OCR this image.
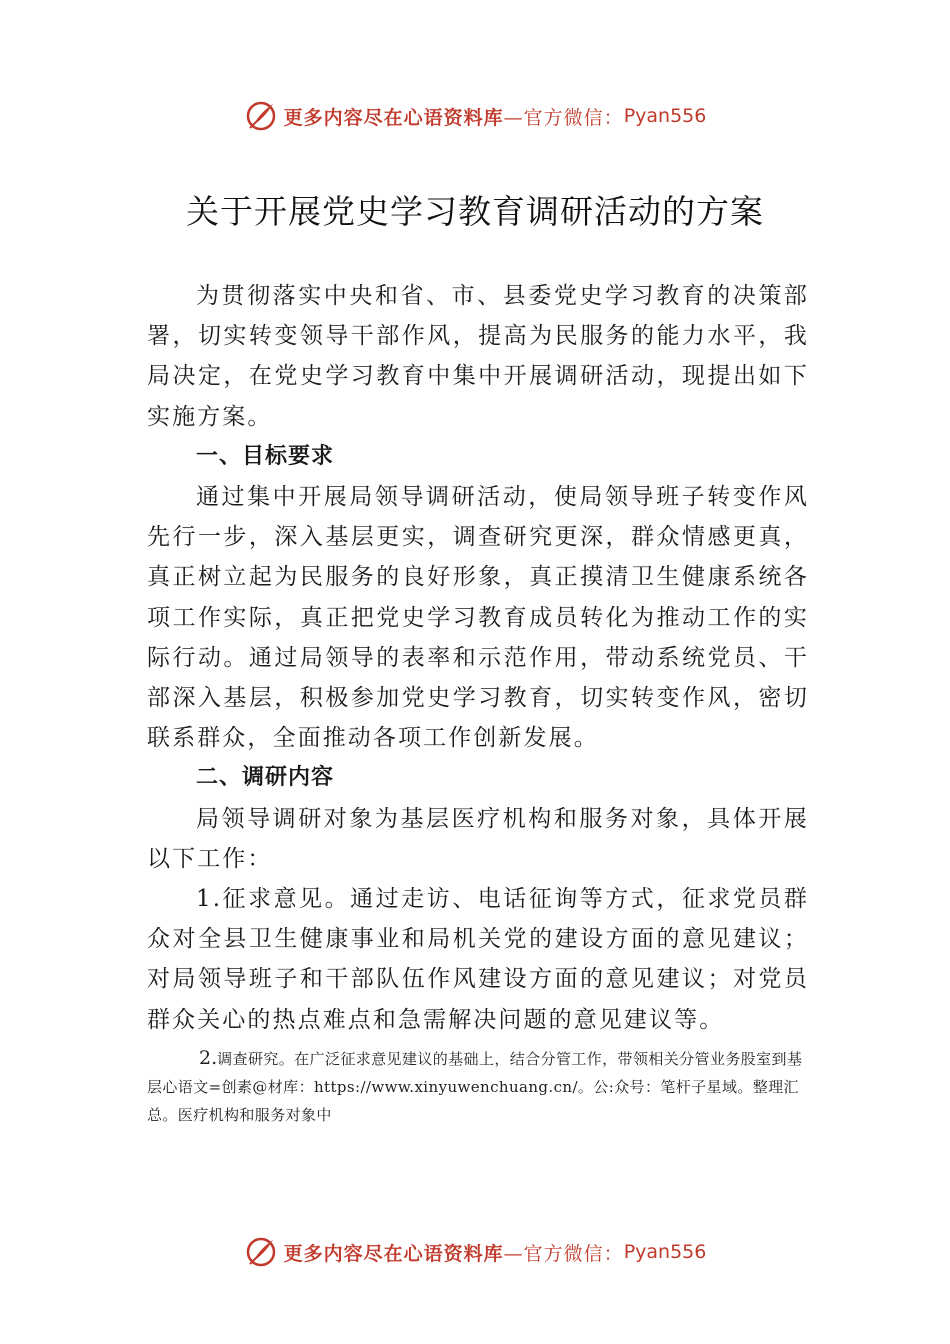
更多内容尽在心语资料库 —官方微信： Pyan556
关于开展党史学习教育调研活动的方案

为贯彻落实中央和省、市、县委党史学习教育的决策部署，切实转变领导干部作风，提高为民服务的能力水平，我局决定，在党史学习教育中集中开展调研活动，现提出如下实施方案。

一、目标要求

通过集中开展局领导调研活动，使局领导班子转变作风先行一步，深入基层更实，调查研究更深，群众情感更真， 真正树立起为民服务的良好形象，真正摸清卫生健康系统各项工作实际，真正把党史学习教育成员转化为推动工作的实际行动。通过局领导的表率和示范作用，带动系统党员、干部深入基层，积极参加党史学习教育，切实转变作风，密切联系群众，全面推动各项工作创新发展。

二、调研内容

局领导调研对象为基层医疗机构和服务对象，具体开展以下工作：

1.征求意见。通过走访、电话征询等方式，征求党员群众对全县卫生健康事业和局机关党的建设方面的意见建议；对局领导班子和干部队伍作风建设方面的意见建议；对党员群众关心的热点难点和急需解决问题的意见建议等。

2.调查研究。在广泛征求意见建议的基础上，结合分管工作，带领相关分管业务股室到基层心语文=创素@材库：https://www.xinyuwenchuang.cn/。公:众号：笔杆子星域。整理汇总。医疗机构和服务对象中

更多内容尽在心语资料库 —官方微信： Pyan556
